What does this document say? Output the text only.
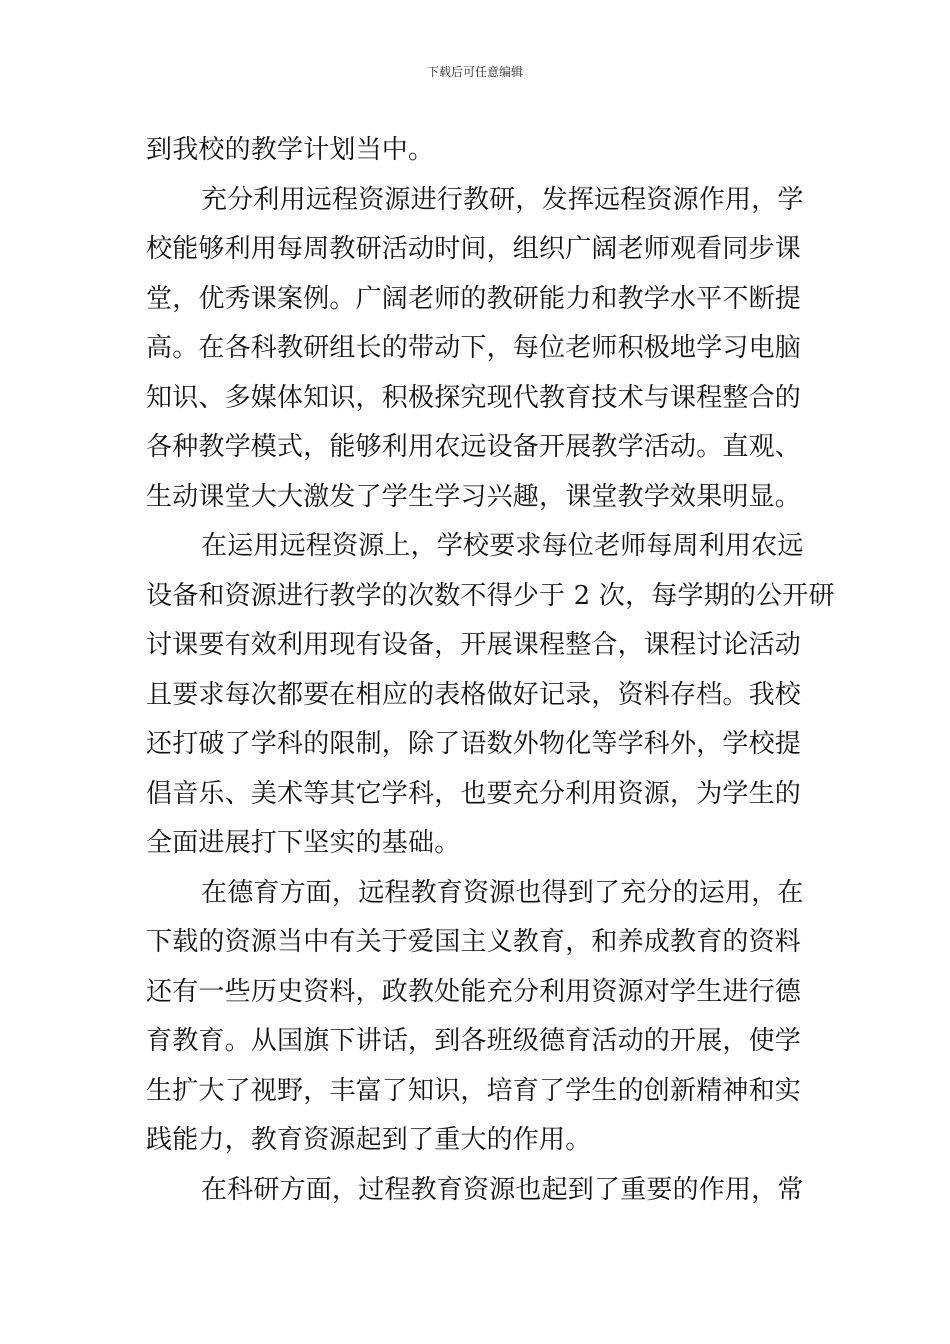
下载后可任意编辑
到我校的教学计划当中。
充分利用远程资源进行教研，发挥远程资源作用，学
校能够利用每周教研活动时间，组织广阔老师观看同步课
堂，优秀课案例。广阔老师的教研能力和教学水平不断提
高。在各科教研组长的带动下，每位老师积极地学习电脑
知识、多媒体知识，积极探究现代教育技术与课程整合的
各种教学模式，能够利用农远设备开展教学活动。直观、
生动课堂大大激发了学生学习兴趣，课堂教学效果明显。
在运用远程资源上，学校要求每位老师每周利用农远
设备和资源进行教学的次数不得少于 2 次，每学期的公开研
讨课要有效利用现有设备，开展课程整合，课程讨论活动
且要求每次都要在相应的表格做好记录，资料存档。我校
还打破了学科的限制，除了语数外物化等学科外，学校提
倡音乐、美术等其它学科，也要充分利用资源，为学生的
全面进展打下坚实的基础。
在德育方面，远程教育资源也得到了充分的运用，在
下载的资源当中有关于爱国主义教育，和养成教育的资料
还有一些历史资料，政教处能充分利用资源对学生进行德
育教育。从国旗下讲话，到各班级德育活动的开展，使学
生扩大了视野，丰富了知识，培育了学生的创新精神和实
践能力，教育资源起到了重大的作用。
在科研方面，过程教育资源也起到了重要的作用，常
